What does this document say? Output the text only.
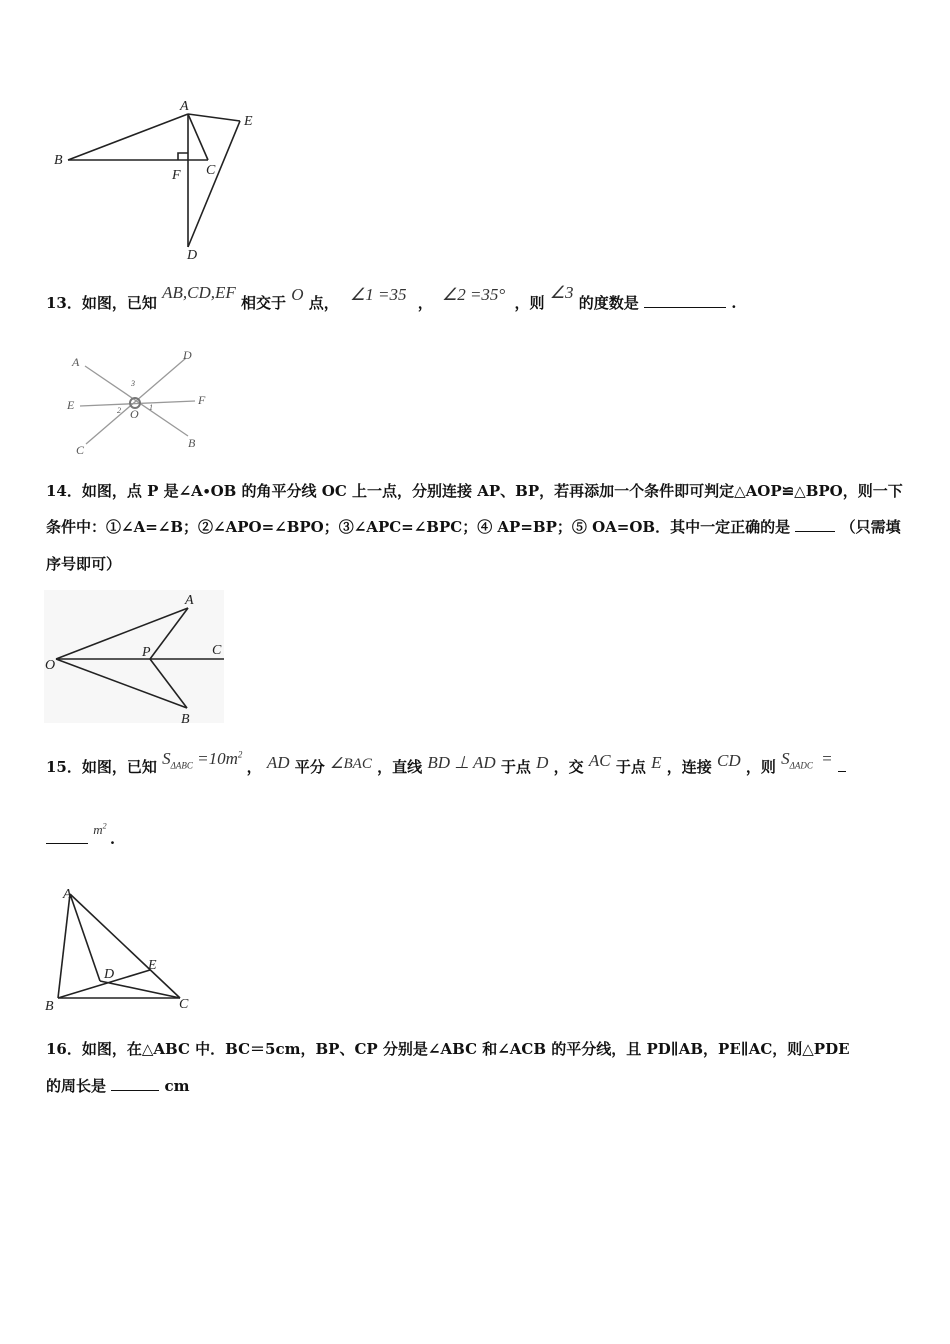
A
B
C
D
E
F
13．如图，已知 AB,CD,EF 相交于 O 点， ∠1 =35 ， ∠2 =35° ，则 ∠3 的度数是	.
A	D
E	F
C	B
O 1
2
3
14．如图，点 P 是∠A∙OB 的角平分线 OC 上一点，分别连接 AP、BP，若再添加一个条件即可判定△AOP≌△BPO，则一下
条件中：①∠A=∠B；②∠APO=∠BPO；③∠APC=∠BPC；④ AP=BP；⑤ OA=OB．其中一定正确的是	（只需填
序号即可）
A
O
P	C
B
15．如图，已知 $S_{\Delta ABC} =10m^2$ ， AD 平分 ∠BAC ，直线 BD ⊥ AD 于点 D ，交 AC 于点 E ，连接 CD ，则 $S_{\Delta ADC}$ =
$m^2$ .
A
B	C
D
E
16．如图，在△ABC 中．BC＝5cm，BP、CP 分别是∠ABC 和∠ACB 的平分线，且 PD∥AB，PE∥AC，则△PDE
的周长是	cm
